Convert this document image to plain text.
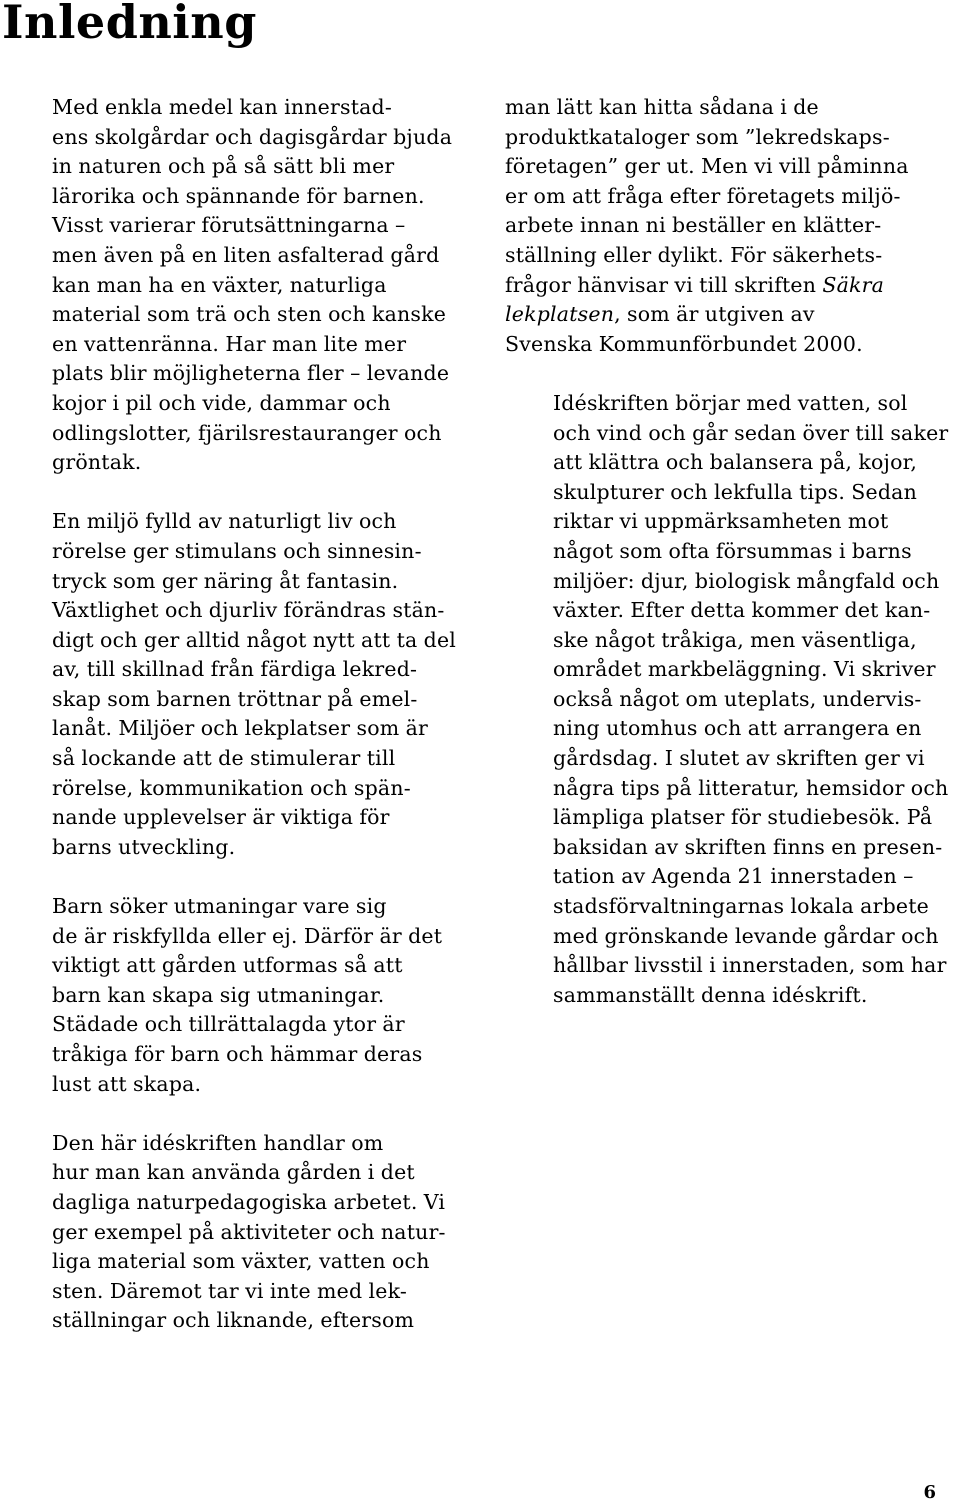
Inledning

Med enkla medel kan innerstad-
ens skolgårdar och dagisgårdar bjuda
in naturen och på så sätt bli mer
lärorika och spännande för barnen.
Visst varierar förutsättningarna –
men även på en liten asfalterad gård
kan man ha en växter, naturliga
material som trä och sten och kanske
en vattenränna. Har man lite mer
plats blir möjligheterna fler – levande
kojor i pil och vide, dammar och
odlingslotter, fjärilsrestauranger och
gröntak.

En miljö fylld av naturligt liv och
rörelse ger stimulans och sinnesin-
tryck som ger näring åt fantasin.
Växtlighet och djurliv förändras stän-
digt och ger alltid något nytt att ta del
av, till skillnad från färdiga lekred-
skap som barnen tröttnar på emel-
lanåt. Miljöer och lekplatser som är
så lockande att de stimulerar till
rörelse, kommunikation och spän-
nande upplevelser är viktiga för
barns utveckling.

Barn söker utmaningar vare sig
de är riskfyllda eller ej. Därför är det
viktigt att gården utformas så att
barn kan skapa sig utmaningar.
Städade och tillrättalagda ytor är
tråkiga för barn och hämmar deras
lust att skapa.

Den här idéskriften handlar om
hur man kan använda gården i det
dagliga naturpedagogiska arbetet. Vi
ger exempel på aktiviteter och natur-
liga material som växter, vatten och
sten. Däremot tar vi inte med lek-
ställningar och liknande, eftersom

man lätt kan hitta sådana i de
produktkataloger som ”lekredskaps-
företagen” ger ut. Men vi vill påminna
er om att fråga efter företagets miljö-
arbete innan ni beställer en klätter-
ställning eller dylikt. För säkerhets-
frågor hänvisar vi till skriften Säkra
lekplatsen, som är utgiven av
Svenska Kommunförbundet 2000.

Idéskriften börjar med vatten, sol
och vind och går sedan över till saker
att klättra och balansera på, kojor,
skulpturer och lekfulla tips. Sedan
riktar vi uppmärksamheten mot
något som ofta försummas i barns
miljöer: djur, biologisk mångfald och
växter. Efter detta kommer det kan-
ske något tråkiga, men väsentliga,
området markbeläggning. Vi skriver
också något om uteplats, undervis-
ning utomhus och att arrangera en
gårdsdag. I slutet av skriften ger vi
några tips på litteratur, hemsidor och
lämpliga platser för studiebesök. På
baksidan av skriften finns en presen-
tation av Agenda 21 innerstaden –
stadsförvaltningarnas lokala arbete
med grönskande levande gårdar och
hållbar livsstil i innerstaden, som har
sammanställt denna idéskrift.

6
